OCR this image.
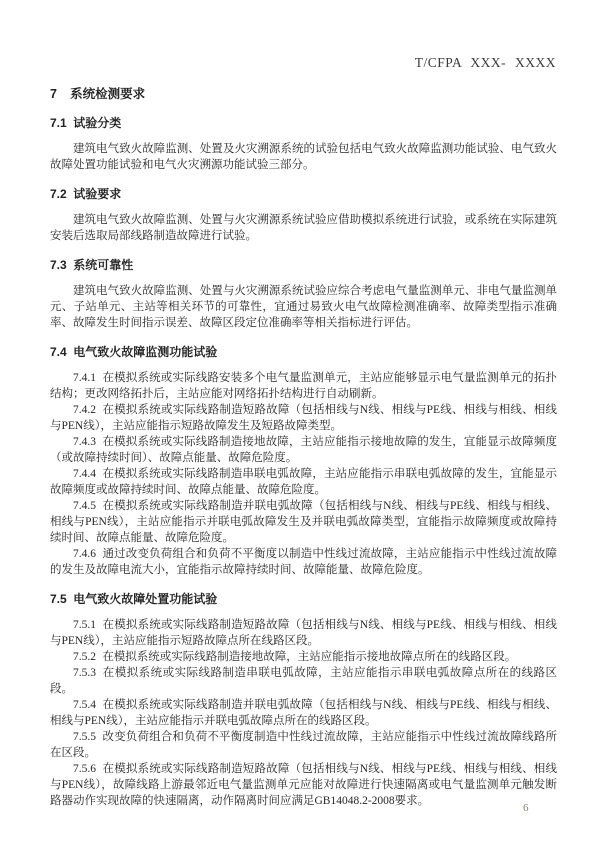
T/CFPA XXX- XXXX
7 系统检测要求
7.1 试验分类

建筑电气致火故障监测、处置及火灾溯源系统的试验包括电气致火故障监测功能试验、电气致火故障处置功能试验和电气火灾溯源功能试验三部分。

7.2 试验要求

建筑电气致火故障监测、处置与火灾溯源系统试验应借助模拟系统进行试验，或系统在实际建筑安装后选取局部线路制造故障进行试验。

7.3 系统可靠性

建筑电气致火故障监测、处置与火灾溯源系统试验应综合考虑电气量监测单元、非电气量监测单元、子站单元、主站等相关环节的可靠性，宜通过易致火电气故障检测准确率、故障类型指示准确率、故障发生时间指示误差、故障区段定位准确率等相关指标进行评估。

7.4 电气致火故障监测功能试验

7.4.1 在模拟系统或实际线路安装多个电气量监测单元，主站应能够显示电气量监测单元的拓扑结构；更改网络拓扑后，主站应能对网络拓扑结构进行自动刷新。

7.4.2 在模拟系统或实际线路制造短路故障（包括相线与N线、相线与PE线、相线与相线、相线与PEN线），主站应能指示短路故障发生及短路故障类型。

7.4.3 在模拟系统或实际线路制造接地故障，主站应能指示接地故障的发生，宜能显示故障频度（或故障持续时间）、故障点能量、故障危险度。

7.4.4 在模拟系统或实际线路制造串联电弧故障，主站应能指示串联电弧故障的发生，宜能显示故障频度或故障持续时间、故障点能量、故障危险度。

7.4.5 在模拟系统或实际线路制造并联电弧故障（包括相线与N线、相线与PE线、相线与相线、相线与PEN线），主站应能指示并联电弧故障发生及并联电弧故障类型，宜能指示故障频度或故障持续时间、故障点能量、故障危险度。

7.4.6 通过改变负荷组合和负荷不平衡度以制造中性线过流故障，主站应能指示中性线过流故障的发生及故障电流大小，宜能指示故障持续时间、故障能量、故障危险度。

7.5 电气致火故障处置功能试验

7.5.1 在模拟系统或实际线路制造短路故障（包括相线与N线、相线与PE线、相线与相线、相线与PEN线），主站应能指示短路故障点所在线路区段。

7.5.2 在模拟系统或实际线路制造接地故障，主站应能指示接地故障点所在的线路区段。

7.5.3 在模拟系统或实际线路制造串联电弧故障，主站应能指示串联电弧故障点所在的线路区段。

7.5.4 在模拟系统或实际线路制造并联电弧故障（包括相线与N线、相线与PE线、相线与相线、相线与PEN线），主站应能指示并联电弧故障点所在的线路区段。

7.5.5 改变负荷组合和负荷不平衡度制造中性线过流故障，主站应能指示中性线过流故障线路所在区段。

7.5.6 在模拟系统或实际线路制造短路故障（包括相线与N线、相线与PE线、相线与相线、相线与PEN线），故障线路上游最邻近电气量监测单元应能对故障进行快速隔离或电气量监测单元触发断路器动作实现故障的快速隔离，动作隔离时间应满足GB14048.2-2008要求。

6
